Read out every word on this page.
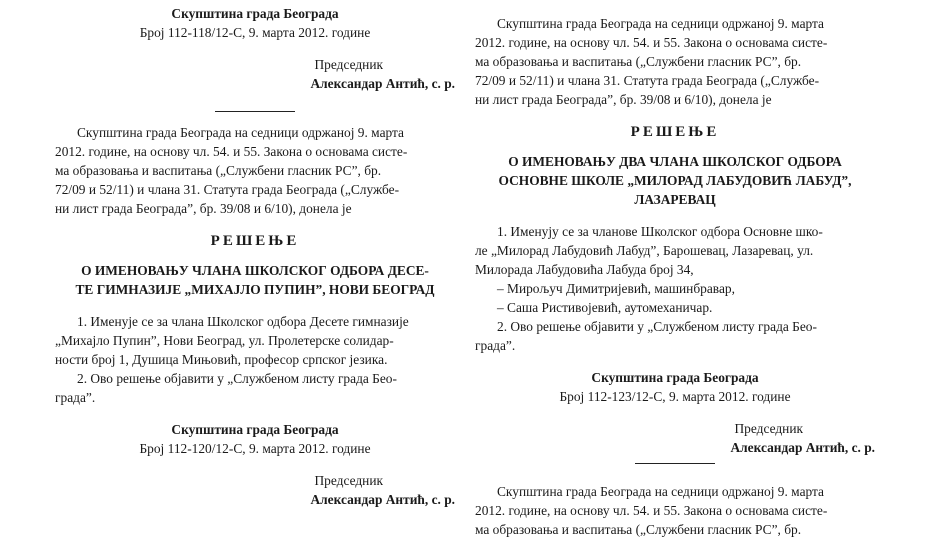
Скупштина града Београда

Број 112-118/12-С, 9. марта 2012. године

Председник

Александар Антић, с. р.

Скупштина града Београда на седници одржаној 9. марта

2012. године, на основу чл. 54. и 55. Закона о основама систе-

ма образовања и васпитања („Службени гласник РС”, бр.

72/09 и 52/11) и члана 31. Статута града Београда („Службе-

ни лист града Београда”, бр. 39/08 и 6/10), донела је

РЕШЕЊЕ

О ИМЕНОВАЊУ ЧЛАНА ШКОЛСКОГ ОДБОРА ДЕСЕ-

ТЕ ГИМНАЗИЈЕ „МИХАЈЛО ПУПИН”, НОВИ БЕОГРАД

1. Именује се за члана Школског одбора Десете гимназије

„Михајло Пупин”, Нови Београд, ул. Пролетерске солидар-

ности број 1, Душица Мињовић, професор српског језика.

2. Ово решење објавити у „Службеном листу града Бео-

града”.

Скупштина града Београда

Број 112-120/12-С, 9. марта 2012. године

Председник

Александар Антић, с. р.

Скупштина града Београда на седници одржаној 9. марта

2012. године, на основу чл. 54. и 55. Закона о основама систе-

ма образовања и васпитања („Службени гласник РС”, бр.

72/09 и 52/11) и члана 31. Статута града Београда („Службе-

ни лист града Београда”, бр. 39/08 и 6/10), донела је

РЕШЕЊЕ

О ИМЕНОВАЊУ ДВА ЧЛАНА ШКОЛСКОГ ОДБОРА

ОСНОВНЕ ШКОЛЕ „МИЛОРАД ЛАБУДОВИЋ ЛАБУД”,

ЛАЗАРЕВАЦ

1. Именују се за чланове Школског одбора Основне шко-

ле „Милорад Лабудовић Лабуд”, Барошевац, Лазаревац, ул.

Милорада Лабудовића Лабуда број 34,

– Мироључ Димитријевић, машинбравар,

– Саша Ристивојевић, аутомеханичар.

2. Ово решење објавити у „Службеном листу града Бео-

града”.

Скупштина града Београда

Број 112-123/12-С, 9. марта 2012. године

Председник

Александар Антић, с. р.

Скупштина града Београда на седници одржаној 9. марта

2012. године, на основу чл. 54. и 55. Закона о основама систе-

ма образовања и васпитања („Службени гласник РС”, бр.
